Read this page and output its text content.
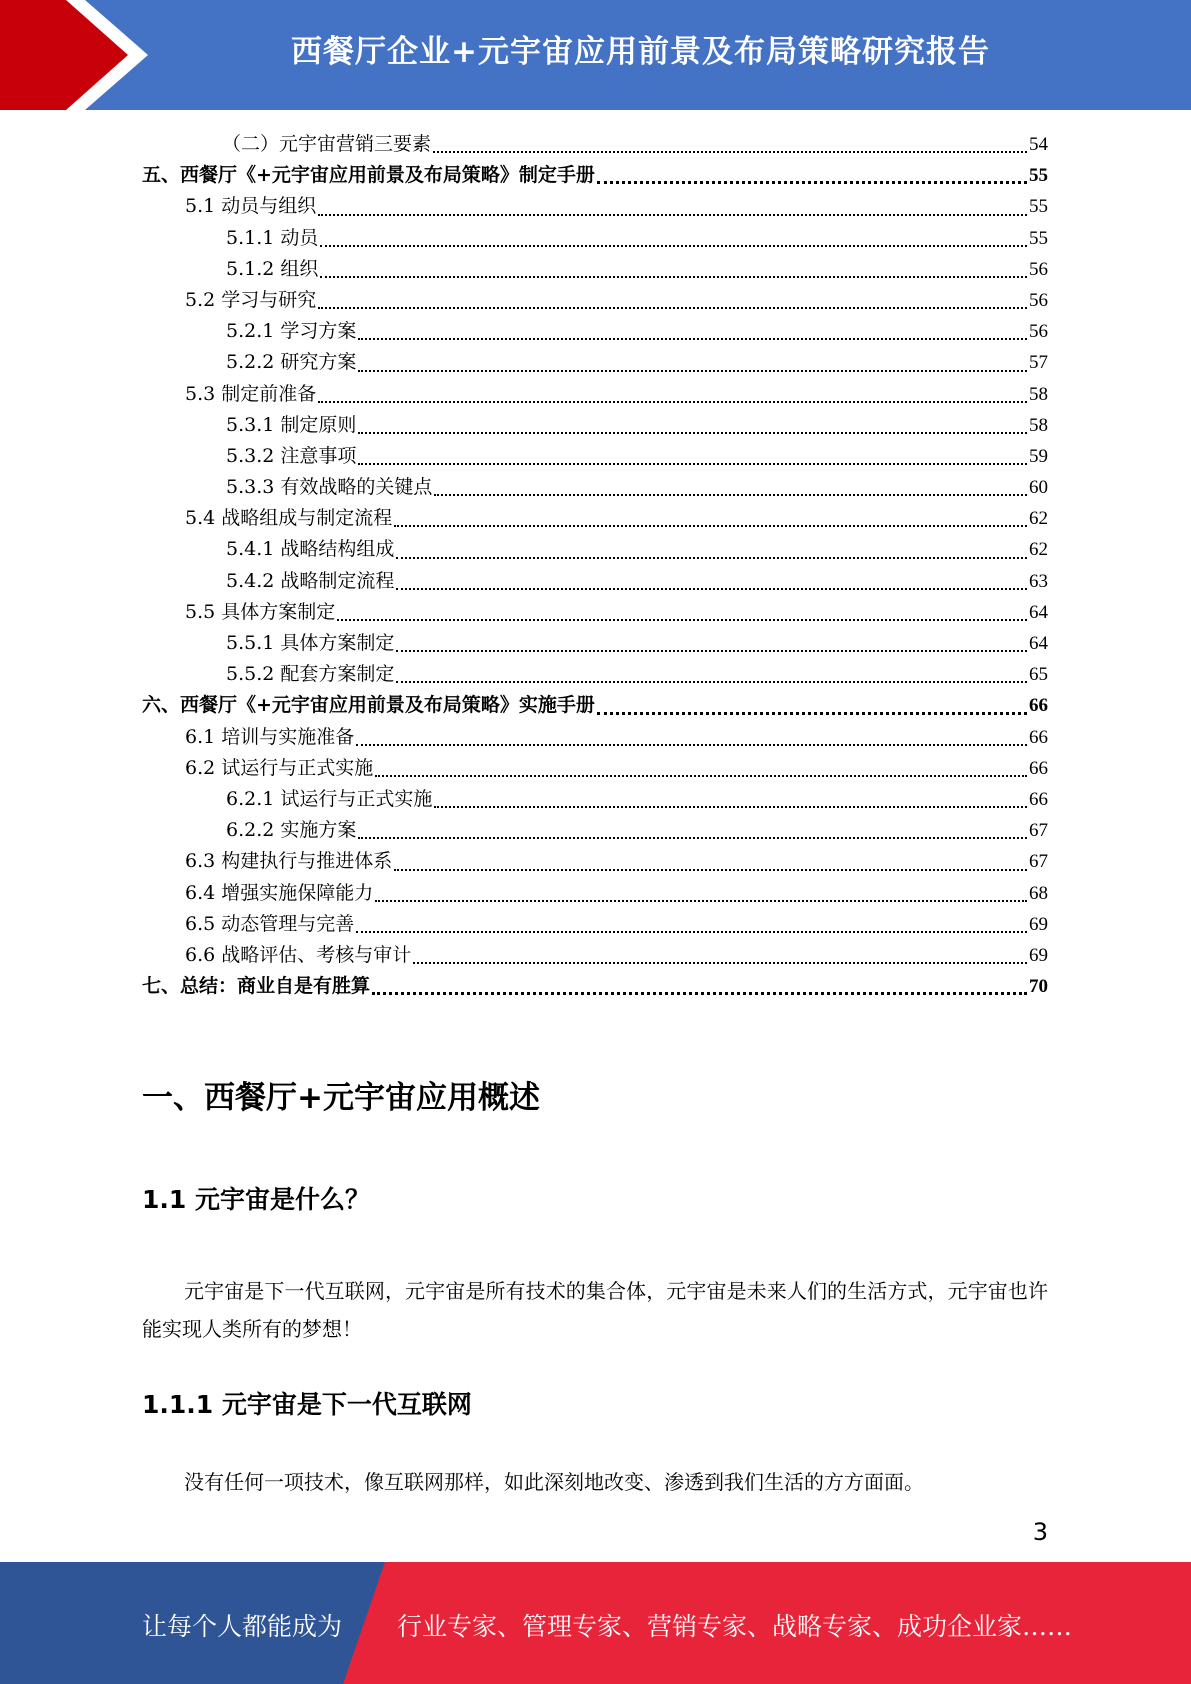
西餐厅企业+元宇宙应用前景及布局策略研究报告
（二）元宇宙营销三要素	54
五、西餐厅《+元宇宙应用前景及布局策略》制定手册	55
5.1 动员与组织	55
5.1.1 动员	55
5.1.2 组织	56
5.2 学习与研究	56
5.2.1 学习方案	56
5.2.2 研究方案	57
5.3 制定前准备	58
5.3.1 制定原则	58
5.3.2 注意事项	59
5.3.3 有效战略的关键点	60
5.4 战略组成与制定流程	62
5.4.1 战略结构组成	62
5.4.2 战略制定流程	63
5.5 具体方案制定	64
5.5.1 具体方案制定	64
5.5.2 配套方案制定	65
六、西餐厅《+元宇宙应用前景及布局策略》实施手册	66
6.1 培训与实施准备	66
6.2 试运行与正式实施	66
6.2.1 试运行与正式实施	66
6.2.2 实施方案	67
6.3 构建执行与推进体系	67
6.4 增强实施保障能力	68
6.5 动态管理与完善	69
6.6 战略评估、考核与审计	69
七、总结：商业自是有胜算	70
一、西餐厅+元宇宙应用概述
1.1 元宇宙是什么？
元宇宙是下一代互联网，元宇宙是所有技术的集合体，元宇宙是未来人们的生活方式，元宇宙也许能实现人类所有的梦想！
1.1.1 元宇宙是下一代互联网
没有任何一项技术，像互联网那样，如此深刻地改变、渗透到我们生活的方方面面。
3
让每个人都能成为 行业专家、管理专家、营销专家、战略专家、成功企业家……
